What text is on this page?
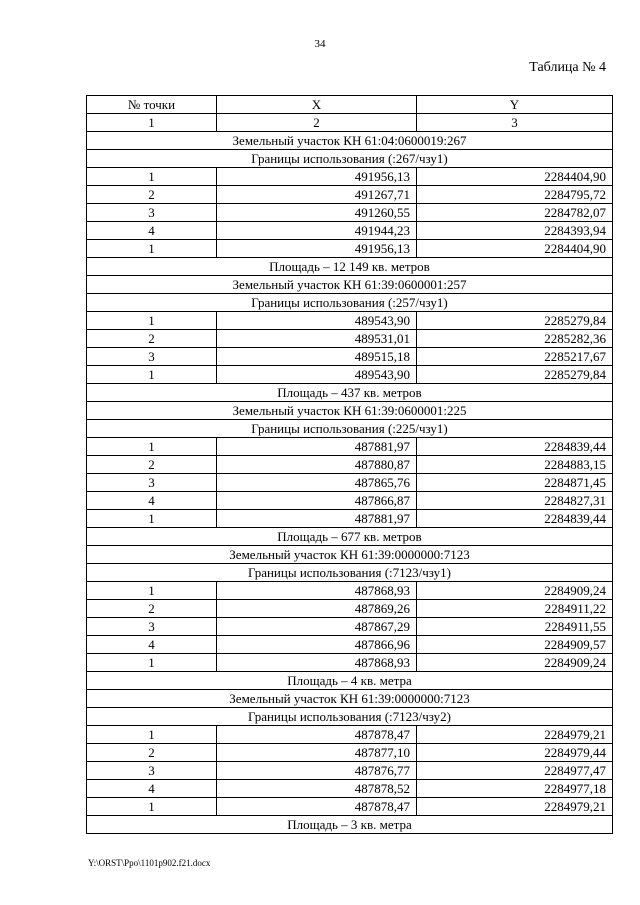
34
Таблица № 4
№ точки	X	Y
1	2	3
Земельный участок КН 61:04:0600019:267		
Границы использования (:267/чзу1)		
1	491956,13	2284404,90
2	491267,71	2284795,72
3	491260,55	2284782,07
4	491944,23	2284393,94
1	491956,13	2284404,90
Площадь – 12 149 кв. метров		
Земельный участок КН 61:39:0600001:257		
Границы использования (:257/чзу1)		
1	489543,90	2285279,84
2	489531,01	2285282,36
3	489515,18	2285217,67
1	489543,90	2285279,84
Площадь – 437 кв. метров		
Земельный участок КН 61:39:0600001:225		
Границы использования (:225/чзу1)		
1	487881,97	2284839,44
2	487880,87	2284883,15
3	487865,76	2284871,45
4	487866,87	2284827,31
1	487881,97	2284839,44
Площадь – 677 кв. метров		
Земельный участок КН 61:39:0000000:7123		
Границы использования (:7123/чзу1)		
1	487868,93	2284909,24
2	487869,26	2284911,22
3	487867,29	2284911,55
4	487866,96	2284909,57
1	487868,93	2284909,24
Площадь – 4 кв. метра		
Земельный участок КН 61:39:0000000:7123		
Границы использования (:7123/чзу2)		
1	487878,47	2284979,21
2	487877,10	2284979,44
3	487876,77	2284977,47
4	487878,52	2284977,18
1	487878,47	2284979,21
Площадь – 3 кв. метра		
Y:\ORST\Ppo\1101p902.f21.docx
